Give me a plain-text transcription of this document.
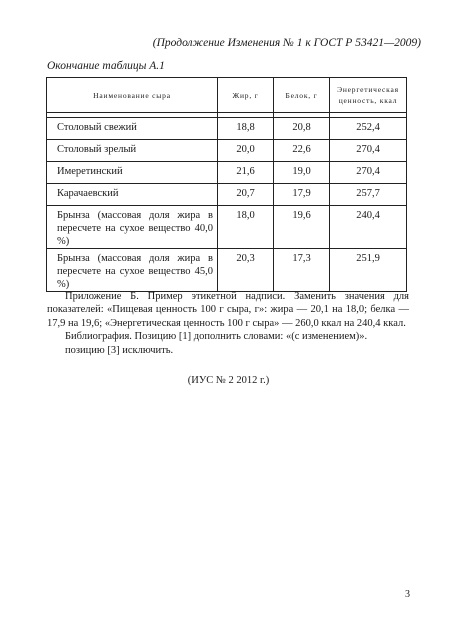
(Продолжение Изменения № 1 к ГОСТ Р 53421—2009)
Окончание таблицы А.1
Наименование сыра	Жир, г	Белок, г	Энергетическая ценность, ккал

Столовый свежий	18,8	20,8	252,4
Столовый зрелый	20,0	22,6	270,4
Имеретинский	21,6	19,0	270,4
Карачаевский	20,7	17,9	257,7
Брынза (массовая доля жира в пересчете на сухое вещество 40,0 %)	18,0	19,6	240,4
Брынза (массовая доля жира в пересчете на сухое вещество 45,0 %)	20,3	17,3	251,9

Приложение Б. Пример этикетной надписи. Заменить значения для показателей: «Пищевая ценность 100 г сыра, г»: жира — 20,1 на 18,0; белка — 17,9 на 19,6; «Энергетическая ценность 100 г сыра» — 260,0 ккал на 240,4 ккал.

Библиография. Позицию [1] дополнить словами: «(с изменением)».

позицию [3] исключить.

(ИУС № 2 2012 г.)
3
